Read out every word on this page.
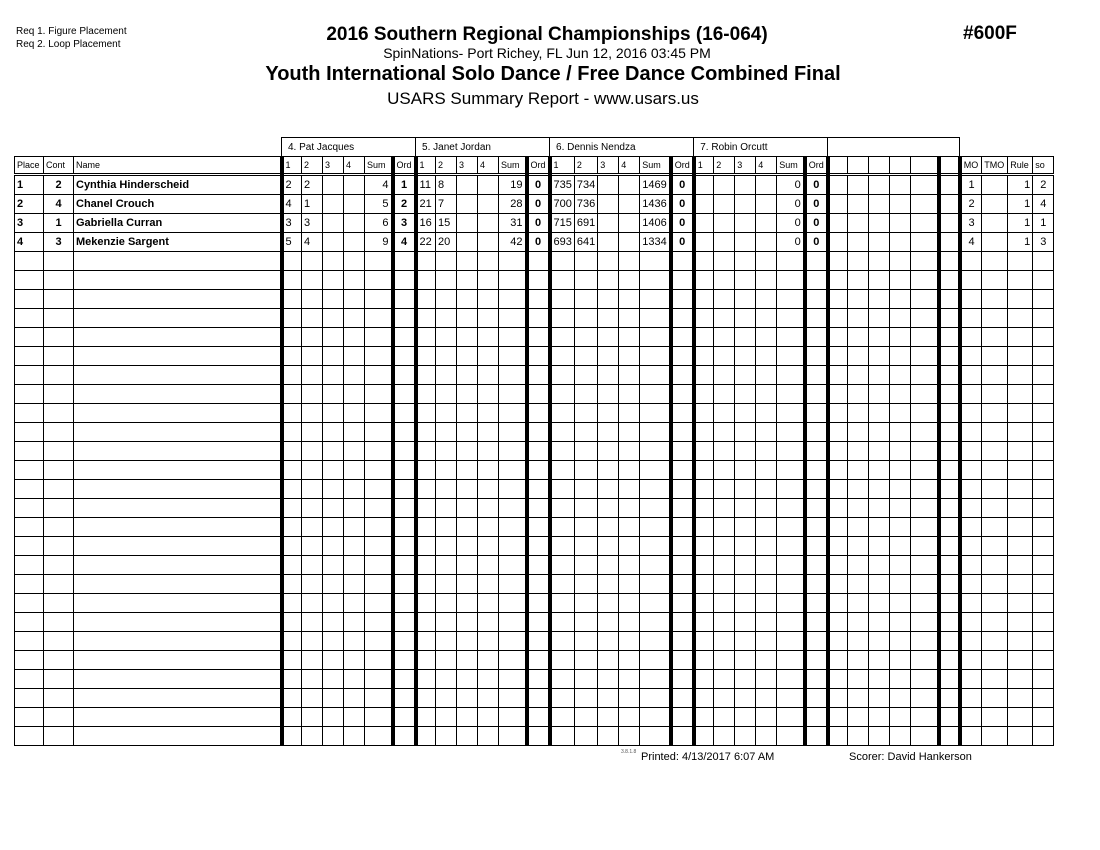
Req 1. Figure Placement
Req 2. Loop Placement	2016 Southern Regional Championships (16-064)
SpinNations- Port Richey, FL Jun 12, 2016 03:45 PM
Youth International Solo Dance / Free Dance Combined Final
USARS Summary Report - www.usars.us
#600F
			4. Pat Jacques						5. Janet Jordan						6. Dennis Nendza						7. Robin Orcutt															
Place	Cont	Name	1	2	3	4	Sum	Ord	1	2	3	4	Sum	Ord	1	2	3	4	Sum	Ord	1	2	3	4	Sum	Ord							MO	TMO	Rule	so
1	2	Cynthia Hinderscheid	2	2			4	1	11	8			19	0	735	734			1469	0					0	0							1		1	2
2	4	Chanel Crouch	4	1			5	2	21	7			28	0	700	736			1436	0					0	0							2		1	4
3	1	Gabriella Curran	3	3			6	3	16	15			31	0	715	691			1406	0					0	0							3		1	1
4	3	Mekenzie Sargent	5	4			9	4	22	20			42	0	693	641			1334	0					0	0							4		1	3

3.8.1.8 Printed: 4/13/2017 6:07 AM	Scorer: David Hankerson
